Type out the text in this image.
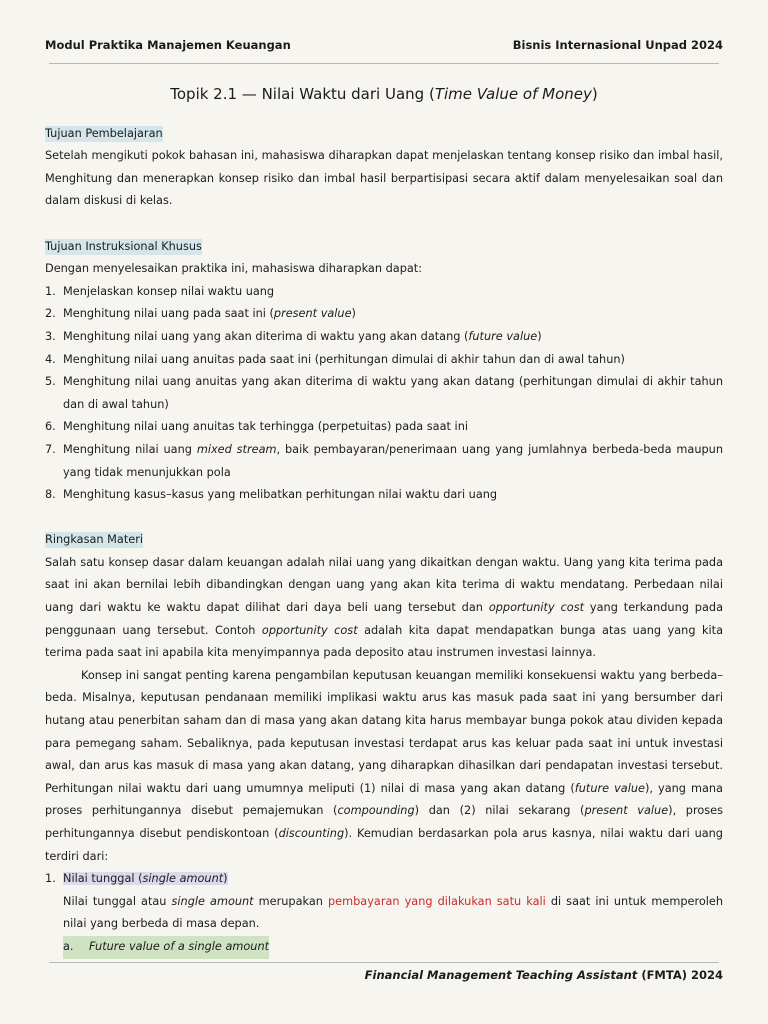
Modul Praktika Manajemen Keuangan	Bisnis Internasional Unpad 2024
Topik 2.1 — Nilai Waktu dari Uang (Time Value of Money)
Tujuan Pembelajaran

Setelah mengikuti pokok bahasan ini, mahasiswa diharapkan dapat menjelaskan tentang konsep risiko dan imbal hasil, Menghitung dan menerapkan konsep risiko dan imbal hasil berpartisipasi secara aktif dalam menyelesaikan soal dan dalam diskusi di kelas.

Tujuan Instruksional Khusus

Dengan menyelesaikan praktika ini, mahasiswa diharapkan dapat:

1. Menjelaskan konsep nilai waktu uang
2. Menghitung nilai uang pada saat ini (present value)
3. Menghitung nilai uang yang akan diterima di waktu yang akan datang (future value)
4. Menghitung nilai uang anuitas pada saat ini (perhitungan dimulai di akhir tahun dan di awal tahun)
5. Menghitung nilai uang anuitas yang akan diterima di waktu yang akan datang (perhitungan dimulai di akhir tahun dan di awal tahun)
6. Menghitung nilai uang anuitas tak terhingga (perpetuitas) pada saat ini
7. Menghitung nilai uang mixed stream, baik pembayaran/penerimaan uang yang jumlahnya berbeda-beda maupun yang tidak menunjukkan pola
8. Menghitung kasus–kasus yang melibatkan perhitungan nilai waktu dari uang
Ringkasan Materi

Salah satu konsep dasar dalam keuangan adalah nilai uang yang dikaitkan dengan waktu. Uang yang kita terima pada saat ini akan bernilai lebih dibandingkan dengan uang yang akan kita terima di waktu mendatang. Perbedaan nilai uang dari waktu ke waktu dapat dilihat dari daya beli uang tersebut dan opportunity cost yang terkandung pada penggunaan uang tersebut. Contoh opportunity cost adalah kita dapat mendapatkan bunga atas uang yang kita terima pada saat ini apabila kita menyimpannya pada deposito atau instrumen investasi lainnya.

Konsep ini sangat penting karena pengambilan keputusan keuangan memiliki konsekuensi waktu yang berbeda–beda. Misalnya, keputusan pendanaan memiliki implikasi waktu arus kas masuk pada saat ini yang bersumber dari hutang atau penerbitan saham dan di masa yang akan datang kita harus membayar bunga pokok atau dividen kepada para pemegang saham. Sebaliknya, pada keputusan investasi terdapat arus kas keluar pada saat ini untuk investasi awal, dan arus kas masuk di masa yang akan datang, yang diharapkan dihasilkan dari pendapatan investasi tersebut. Perhitungan nilai waktu dari uang umumnya meliputi (1) nilai di masa yang akan datang (future value), yang mana proses perhitungannya disebut pemajemukan (compounding) dan (2) nilai sekarang (present value), proses perhitungannya disebut pendiskontoan (discounting). Kemudian berdasarkan pola arus kasnya, nilai waktu dari uang terdiri dari:

1. Nilai tunggal (single amount)

Nilai tunggal atau single amount merupakan pembayaran yang dilakukan satu kali di saat ini untuk memperoleh nilai yang berbeda di masa depan.

a. Future value of a single amount
Financial Management Teaching Assistant (FMTA) 2024
